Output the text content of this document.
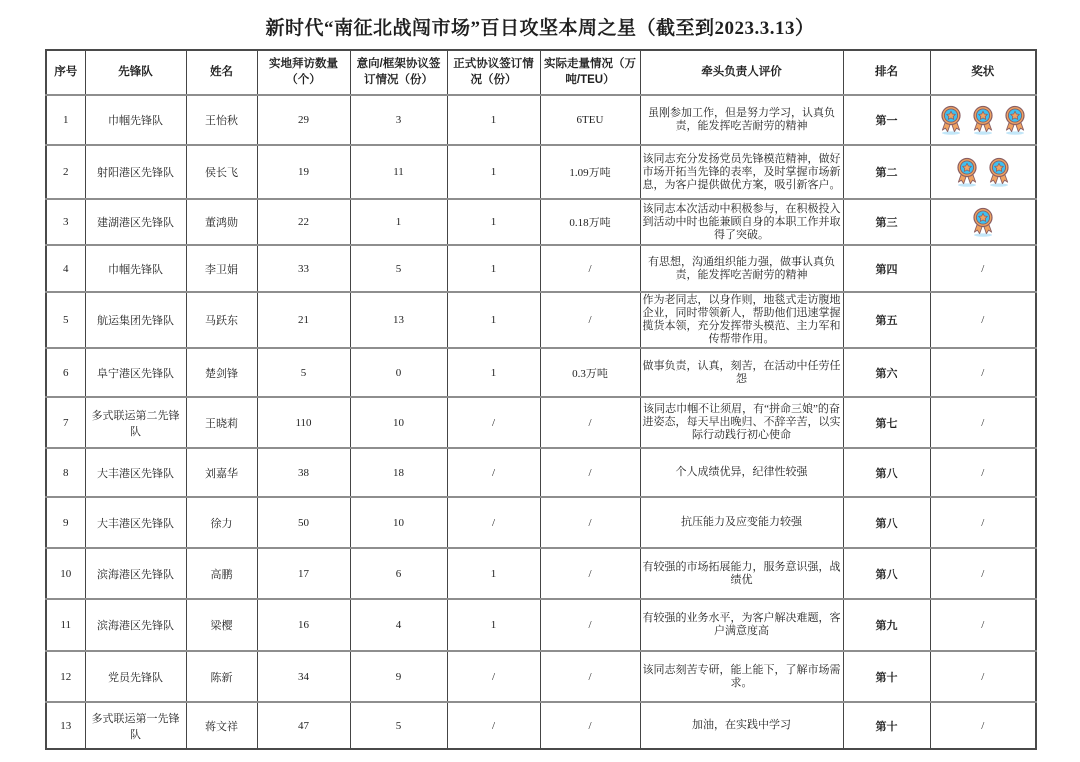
新时代“南征北战闯市场”百日攻坚本周之星（截至到2023.3.13）
序号	先锋队	姓名	实地拜访数量（个）	意向/框架协议签订情况（份）	正式协议签订情况（份）	实际走量情况（万吨/TEU）	牵头负责人评价	排名	奖状
1	巾帼先锋队	王怡秋	29	3	1	6TEU	虽刚参加工作，但是努力学习，认真负责，能发挥吃苦耐劳的精神	第一	
2	射阳港区先锋队	侯长飞	19	11	1	1.09万吨	该同志充分发扬党员先锋模范精神，做好市场开拓当先锋的表率，及时掌握市场新息，为客户提供做优方案，吸引新客户。	第二	
3	建湖港区先锋队	董鸿勋	22	1	1	0.18万吨	该同志本次活动中积极参与，在积极投入到活动中时也能兼顾自身的本职工作并取得了突破。	第三	
4	巾帼先锋队	李卫娟	33	5	1	/	有思想，沟通组织能力强，做事认真负责，能发挥吃苦耐劳的精神	第四	/
5	航运集团先锋队	马跃东	21	13	1	/	作为老同志，以身作则，地毯式走访腹地企业，同时带领新人，帮助他们迅速掌握揽货本领，充分发挥带头模范、主力军和传帮带作用。	第五	/
6	阜宁港区先锋队	楚剑锋	5	0	1	0.3万吨	做事负责，认真，刻苦，在活动中任劳任怨	第六	/
7	多式联运第二先锋队	王晓莉	110	10	/	/	该同志巾帼不让须眉，有“拼命三娘”的奋进姿态，每天早出晚归、不辞辛苦，以实际行动践行初心使命	第七	/
8	大丰港区先锋队	刘嘉华	38	18	/	/	个人成绩优异，纪律性较强	第八	/
9	大丰港区先锋队	徐力	50	10	/	/	抗压能力及应变能力较强	第八	/
10	滨海港区先锋队	高鹏	17	6	1	/	有较强的市场拓展能力，服务意识强，战绩优	第八	/
11	滨海港区先锋队	梁樱	16	4	1	/	有较强的业务水平，为客户解决难题，客户满意度高	第九	/
12	党员先锋队	陈新	34	9	/	/	该同志刻苦专研，能上能下，了解市场需求。	第十	/
13	多式联运第一先锋队	蒋文祥	47	5	/	/	加油，在实践中学习	第十	/
